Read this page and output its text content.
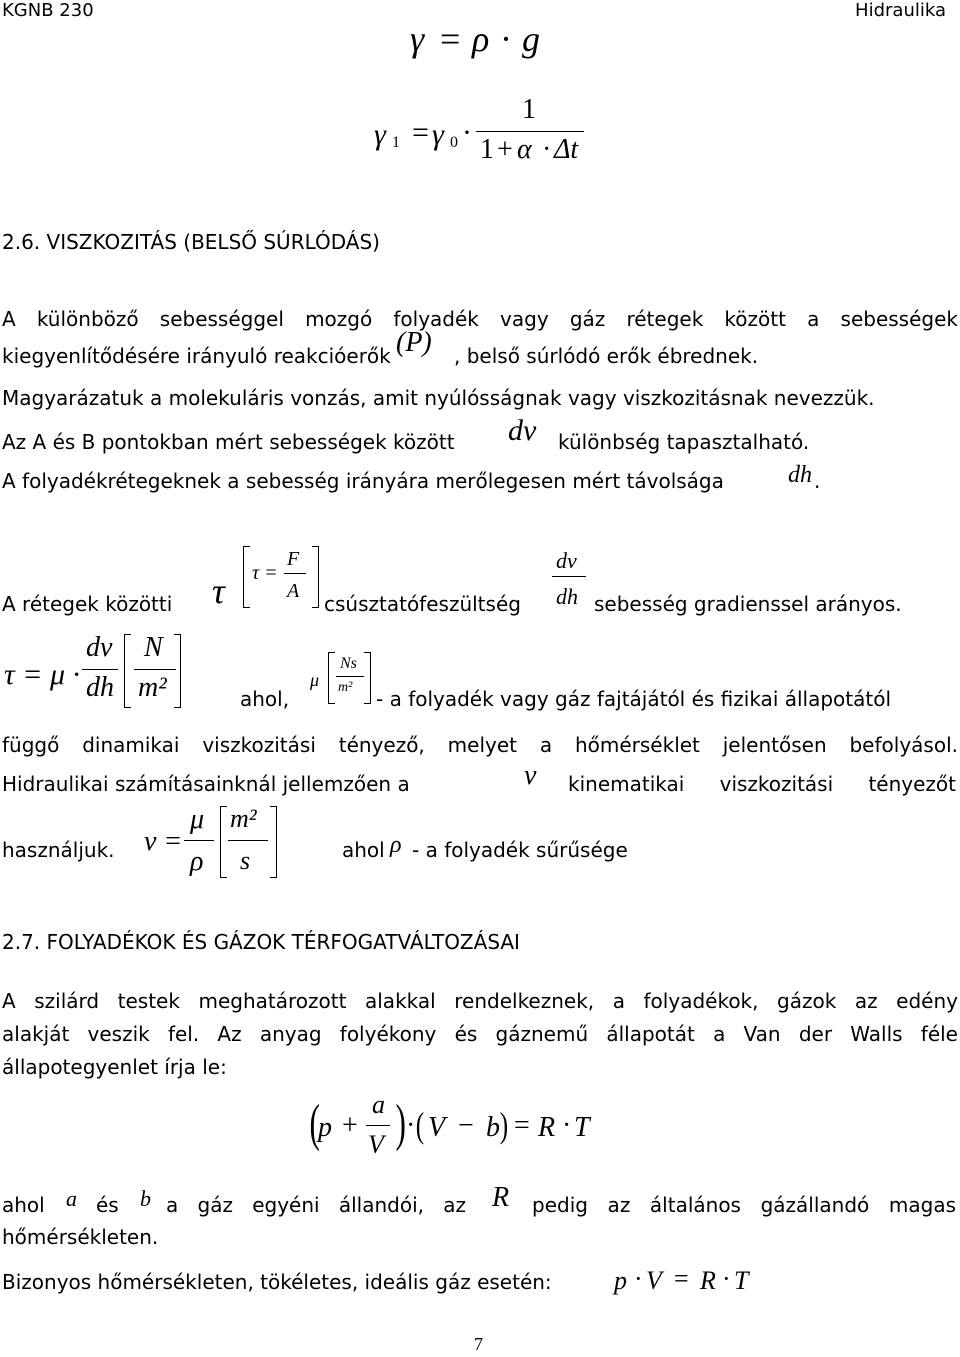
KGNB 230	Hidraulika
γ = ρ · g
γ 1 = γ 0 ·
1
1 + α · Δt
2.6. VISZKOZITÁS (BELSŐ SÚRLÓDÁS)
A különböző sebességgel mozgó folyadék vagy gáz rétegek között a sebességek
kiegyenlítődésére irányuló reakcióerők (P) , belső súrlódó erők ébrednek.
Magyarázatuk a molekuláris vonzás, amit nyúlósságnak vagy viszkozitásnak nevezzük.
Az A és B pontokban mért sebességek között dv különbség tapasztalható.
A folyadékrétegeknek a sebesség irányára merőlegesen mért távolsága	dh .
A rétegek közötti τ τ =
F
A
csúsztatófeszültség
dv
dh sebesség gradienssel arányos.
τ = μ ·
dv
dh
N
m²	ahol,
μ
Ns
m² - a folyadék vagy gáz fajtájától és fizikai állapotától
függő dinamikai viszkozitási tényező, melyet a hőmérséklet jelentősen befolyásol.
Hidraulikai számításainknál jellemzően a	ν kinematikai viszkozitási tényezőt
használjuk. ν =
μ
ρ
m²
s	ahol ρ - a folyadék sűrűsége
2.7. FOLYADÉKOK ÉS GÁZOK TÉRFOGATVÁLTOZÁSAI
A szilárd testek meghatározott alakkal rendelkeznek, a folyadékok, gázok az edény
alakját veszik fel. Az anyag folyékony és gáznemű állapotát a Van der Walls féle
állapotegyenlet írja le:
(
p +
a
V ) · ( V − b ) = R · T
ahol a és b a gáz egyéni állandói, az R pedig az általános gázállandó magas
hőmérsékleten.
Bizonyos hőmérsékleten, tökéletes, ideális gáz esetén: p · V = R · T
7
